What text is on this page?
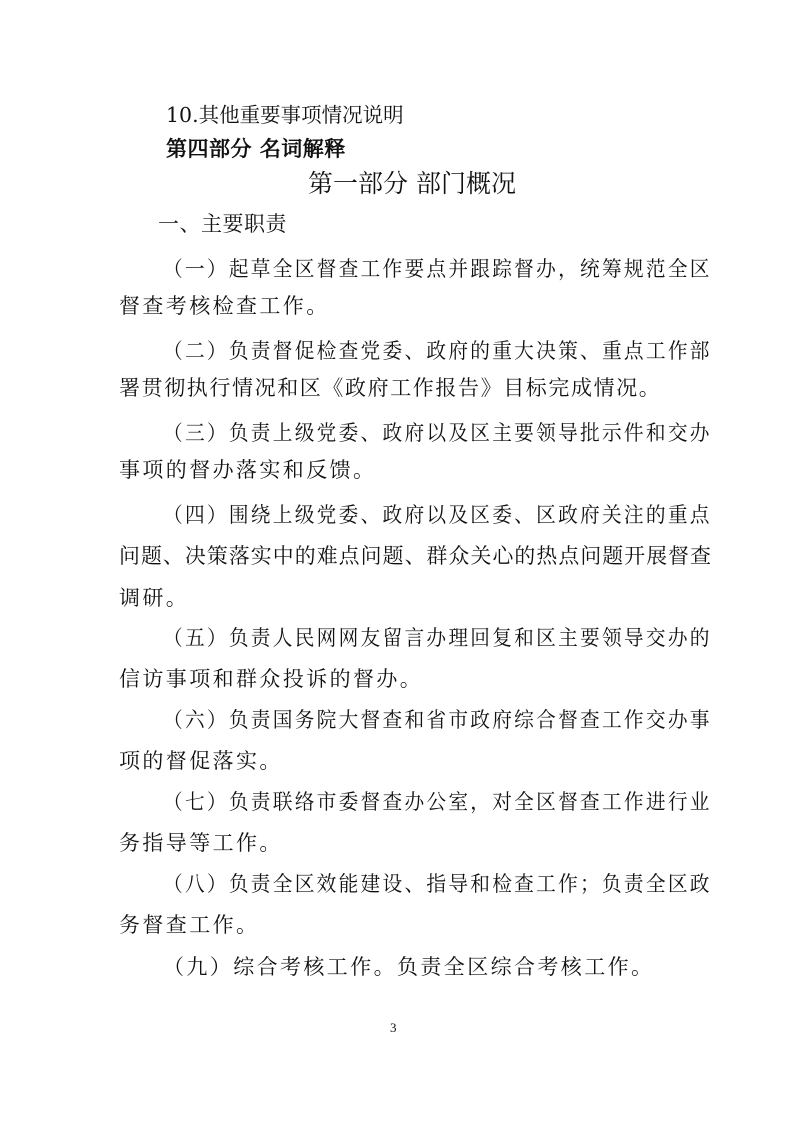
10.其他重要事项情况说明
第四部分 名词解释
第一部分 部门概况
一、主要职责
（一）起草全区督查工作要点并跟踪督办，统筹规范全区
督查考核检查工作。
（二）负责督促检查党委、政府的重大决策、重点工作部
署贯彻执行情况和区《政府工作报告》目标完成情况。
（三）负责上级党委、政府以及区主要领导批示件和交办
事项的督办落实和反馈。
（四）围绕上级党委、政府以及区委、区政府关注的重点
问题、决策落实中的难点问题、群众关心的热点问题开展督查
调研。
（五）负责人民网网友留言办理回复和区主要领导交办的
信访事项和群众投诉的督办。
（六）负责国务院大督查和省市政府综合督查工作交办事
项的督促落实。
（七）负责联络市委督查办公室，对全区督查工作进行业
务指导等工作。
（八）负责全区效能建设、指导和检查工作；负责全区政
务督查工作。
（九）综合考核工作。负责全区综合考核工作。
3
